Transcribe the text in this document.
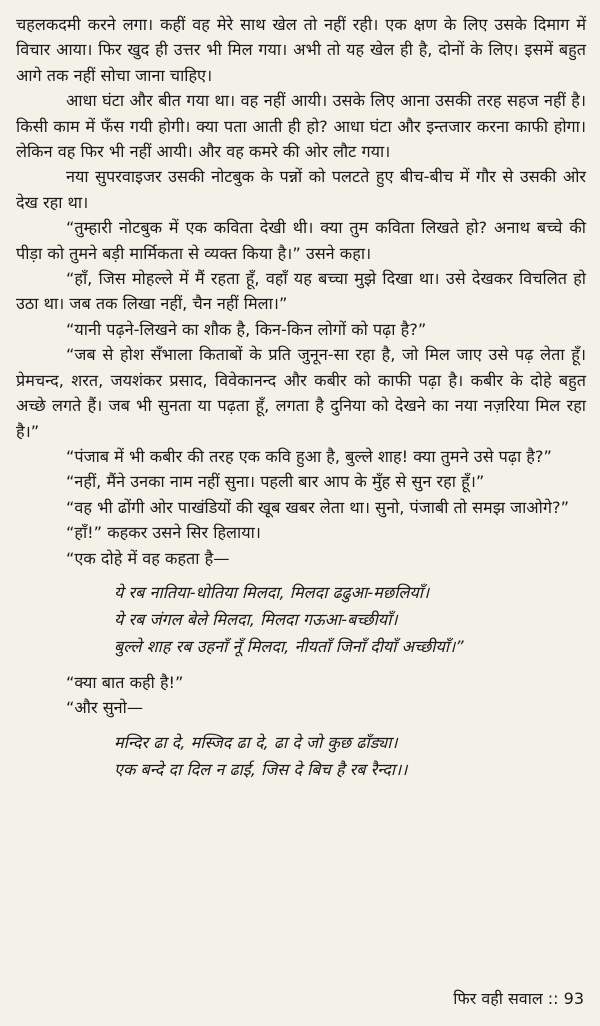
चहलकदमी करने लगा। कहीं वह मेरे साथ खेल तो नहीं रही। एक क्षण के लिए उसके दिमाग में विचार आया। फिर खुद ही उत्तर भी मिल गया। अभी तो यह खेल ही है, दोनों के लिए। इसमें बहुत आगे तक नहीं सोचा जाना चाहिए।

आधा घंटा और बीत गया था। वह नहीं आयी। उसके लिए आना उसकी तरह सहज नहीं है। किसी काम में फँस गयी होगी। क्या पता आती ही हो? आधा घंटा और इन्तजार करना काफी होगा। लेकिन वह फिर भी नहीं आयी। और वह कमरे की ओर लौट गया।

नया सुपरवाइजर उसकी नोटबुक के पन्नों को पलटते हुए बीच-बीच में गौर से उसकी ओर देख रहा था।

“तुम्हारी नोटबुक में एक कविता देखी थी। क्या तुम कविता लिखते हो? अनाथ बच्चे की पीड़ा को तुमने बड़ी मार्मिकता से व्यक्त किया है।” उसने कहा।

“हाँ, जिस मोहल्ले में मैं रहता हूँ, वहाँ यह बच्चा मुझे दिखा था। उसे देखकर विचलित हो उठा था। जब तक लिखा नहीं, चैन नहीं मिला।”

“यानी पढ़ने-लिखने का शौक है, किन-किन लोगों को पढ़ा है?”

“जब से होश सँभाला किताबों के प्रति जुनून-सा रहा है, जो मिल जाए उसे पढ़ लेता हूँ। प्रेमचन्द, शरत, जयशंकर प्रसाद, विवेकानन्द और कबीर को काफी पढ़ा है। कबीर के दोहे बहुत अच्छे लगते हैं। जब भी सुनता या पढ़ता हूँ, लगता है दुनिया को देखने का नया नज़रिया मिल रहा है।”

“पंजाब में भी कबीर की तरह एक कवि हुआ है, बुल्ले शाह! क्या तुमने उसे पढ़ा है?”

“नहीं, मैंने उनका नाम नहीं सुना। पहली बार आप के मुँह से सुन रहा हूँ।”

“वह भी ढोंगी ओर पाखंडियों की खूब खबर लेता था। सुनो, पंजाबी तो समझ जाओगे?”

“हाँ!” कहकर उसने सिर हिलाया।

“एक दोहे में वह कहता है—

ये रब नातिया-धोतिया मिलदा, मिलदा ढढुआ-मछलियाँ।

ये रब जंगल बेले मिलदा, मिलदा गऊआ-बच्छीयाँ।

बुल्ले शाह रब उहनाँ नूँ मिलदा, नीयताँ जिनाँ दीयाँ अच्छीयाँ।”

“क्या बात कही है!”

“और सुनो—

मन्दिर ढा दे, मस्जिद ढा दे, ढा दे जो कुछ ढाँड्या।

एक बन्दे दा दिल न ढाई, जिस दे बिच है रब रैन्दा।।

फिर वही सवाल :: 93
